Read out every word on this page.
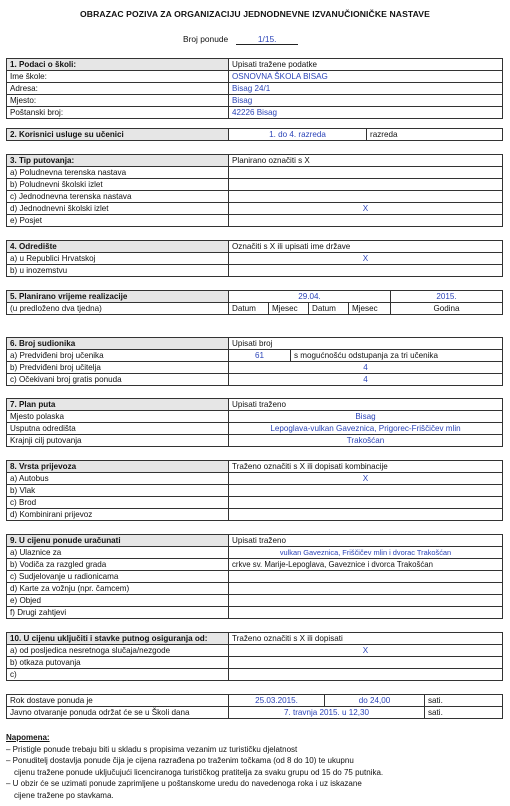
OBRAZAC POZIVA ZA ORGANIZACIJU JEDNODNEVNE IZVANUČIONIČKE NASTAVE
Broj ponude	1/15.
1. Podaci o školi:	Upisati tražene podatke
Ime škole:	OSNOVNA ŠKOLA BISAG
Adresa:	Bisag 24/1
Mjesto:	Bisag
Poštanski broj:	42226 Bisag
2. Korisnici usluge su učenici	1. do 4. razreda	razreda
3. Tip putovanja:	Planirano označiti s X
a) Poludnevna terenska nastava	
b) Poludnevni školski izlet	
c) Jednodnevna terenska nastava	
d) Jednodnevni školski izlet	X
e) Posjet	
4. Odredište	Označiti s X ili upisati ime države
a) u Republici Hrvatskoj	X
b) u inozemstvu	
5. Planirano vrijeme realizacije	29.04.				2015.
(u predloženo dva tjedna)	Datum	Mjesec	Datum	Mjesec	Godina
6. Broj sudionika	Upisati broj	
a) Predviđeni broj učenika	61	s mogućnošću odstupanja za tri učenika
b) Predviđeni broj učitelja	4	
c) Očekivani broj gratis ponuda	4	
7. Plan puta	Upisati traženo
Mjesto polaska	Bisag
Usputna odredišta	Lepoglava-vulkan Gaveznica, Prigorec-Friščičev mlin
Krajnji cilj putovanja	Trakošćan
8. Vrsta prijevoza	Traženo označiti s X ili dopisati kombinacije
a) Autobus	X
b) Vlak	
c) Brod	
d) Kombinirani prijevoz	
9. U cijenu ponude uračunati	Upisati traženo
a) Ulaznice za	vulkan Gaveznica, Friščičev mlin i dvorac Trakošćan
b) Vodiča za razgled grada	crkve sv. Marije-Lepoglava, Gaveznice i dvorca Trakošćan
c) Sudjelovanje u radionicama	
d) Karte za vožnju (npr. čamcem)	
e) Objed	
f) Drugi zahtjevi	
10. U cijenu uključiti i stavke putnog osiguranja od:	Traženo označiti s X ili dopisati
a) od posljedica nesretnoga slučaja/nezgode	X
b) otkaza putovanja	
c)	
Rok dostave ponuda je	25.03.2015.	do 24,00	sati.
Javno otvaranje ponuda održat će se u Školi dana	7. travnja 2015. u 12,30		sati.
Napomena:
– Pristigle ponude trebaju biti u skladu s propisima vezanim uz turističku djelatnost
– Ponuditelj dostavlja ponude čija je cijena razrađena po traženim točkama (od 8 do 10) te ukupnu
cijenu tražene ponude uključujući licenciranoga turističkog pratitelja za svaku grupu od 15 do 75 putnika.
– U obzir će se uzimati ponude zaprimljene u poštanskome uredu do navedenoga roka i uz iskazane
cijene tražene po stavkama.
